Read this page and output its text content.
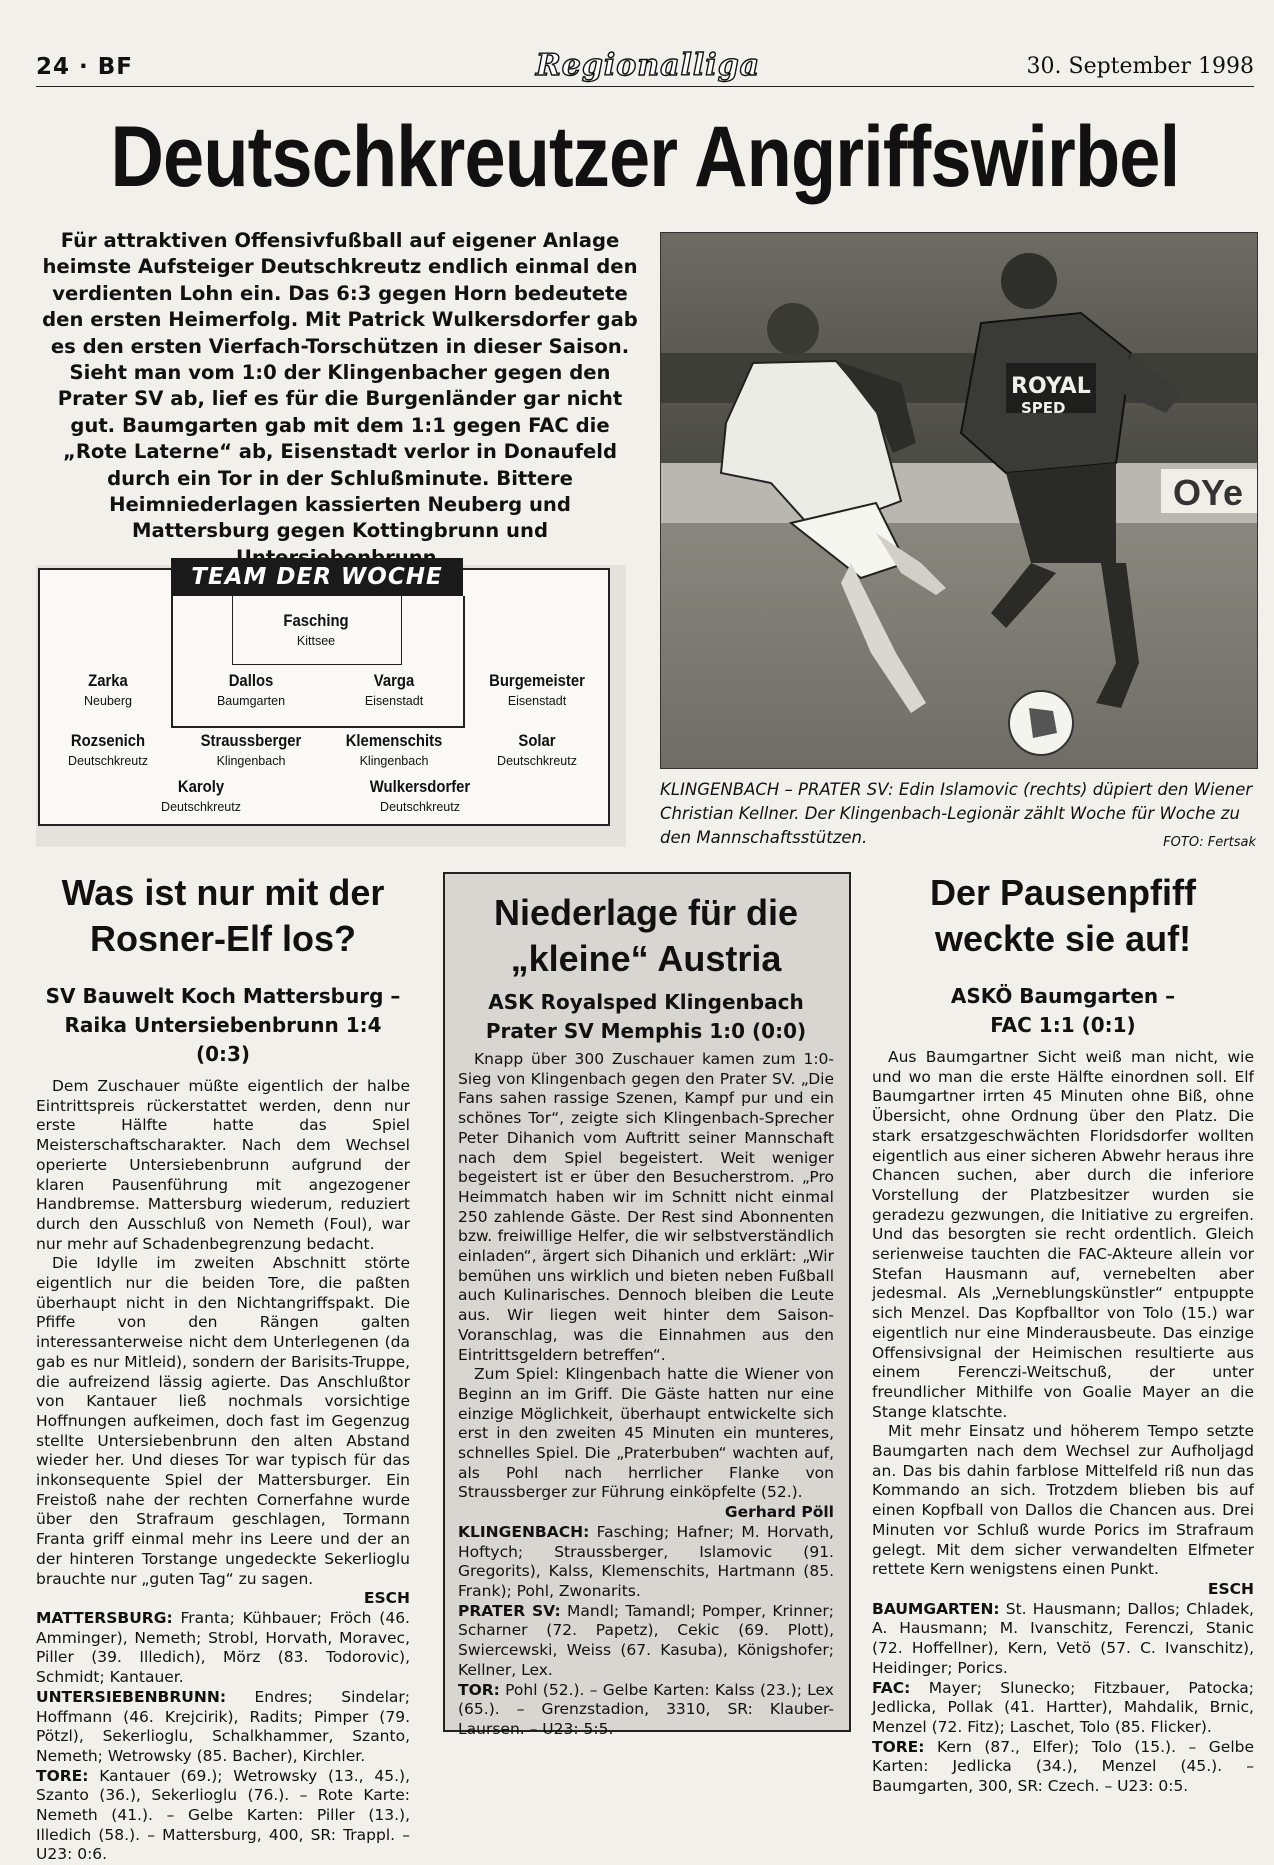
24 · BF	Regionalliga	30. September 1998
Deutschkreutzer Angriffswirbel
Für attraktiven Offensivfußball auf eigener Anlage heimste Aufsteiger Deutschkreutz endlich einmal den verdienten Lohn ein. Das 6:3 gegen Horn bedeutete den ersten Heimerfolg. Mit Patrick Wulkersdorfer gab es den ersten Vierfach-Torschützen in dieser Saison. Sieht man vom 1:0 der Klingenbacher gegen den Prater SV ab, lief es für die Burgenländer gar nicht gut. Baumgarten gab mit dem 1:1 gegen FAC die „Rote Laterne“ ab, Eisenstadt verlor in Donaufeld durch ein Tor in der Schlußminute. Bittere Heimniederlagen kassierten Neuberg und Mattersburg gegen Kottingbrunn und
OYe
ROYAL
SPED
KLINGENBACH – PRATER SV: Edin Islamovic (rechts) düpiert den Wiener Christian Kellner. Der Klingenbach-Legionär zählt Woche für Woche zu den Mannschaftsstützen.	FOTO: Fertsak
TEAM DER WOCHE
Fasching
Kittsee
Zarka
Neuberg
Dallos
Baumgarten
Varga
Eisenstadt
Burgemeister
Eisenstadt
Rozsenich
Deutschkreutz
Straussberger
Klingenbach
Klemenschits
Klingenbach
Solar
Deutschkreutz
Karoly
Deutschkreutz
Wulkersdorfer
Deutschkreutz
Was ist nur mit der Rosner-Elf los?
SV Bauwelt Koch Mattersburg –
Raika Untersiebenbrunn 1:4 (0:3)

Dem Zuschauer müßte eigentlich der halbe Eintrittspreis rückerstattet werden, denn nur erste Hälfte hatte das Spiel Meisterschaftscharakter. Nach dem Wechsel operierte Untersiebenbrunn aufgrund der klaren Pausenführung mit angezogener Handbremse. Mattersburg wiederum, reduziert durch den Ausschluß von Nemeth (Foul), war nur mehr auf Schadenbegrenzung bedacht.

Die Idylle im zweiten Abschnitt störte eigentlich nur die beiden Tore, die paßten überhaupt nicht in den Nichtangriffspakt. Die Pfiffe von den Rängen galten interessanterweise nicht dem Unterlegenen (da gab es nur Mitleid), sondern der Barisits-Truppe, die aufreizend lässig agierte. Das Anschlußtor von Kantauer ließ nochmals vorsichtige Hoffnungen aufkeimen, doch fast im Gegenzug stellte Untersiebenbrunn den alten Abstand wieder her. Und dieses Tor war typisch für das inkonsequente Spiel der Mattersburger. Ein Freistoß nahe der rechten Cornerfahne wurde über den Strafraum geschlagen, Tormann Franta griff einmal mehr ins Leere und der an der hinteren Torstange ungedeckte Sekerlioglu brauchte nur „guten Tag“ zu sagen.

ESCH

MATTERSBURG: Franta; Kühbauer; Fröch (46. Amminger), Nemeth; Strobl, Horvath, Moravec, Piller (39. Illedich), Mörz (83. Todorovic), Schmidt; Kantauer.

UNTERSIEBENBRUNN: Endres; Sindelar; Hoffmann (46. Krejcirik), Radits; Pimper (79. Pötzl), Sekerlioglu, Schalkhammer, Szanto, Nemeth; Wetrowsky (85. Bacher), Kirchler.

TORE: Kantauer (69.); Wetrowsky (13., 45.), Szanto (36.), Sekerlioglu (76.). – Rote Karte: Nemeth (41.). – Gelbe Karten: Piller (13.), Illedich (58.). – Mattersburg, 400, SR: Trappl. – U23: 0:6.

Niederlage für die „kleine“ Austria
ASK Royalsped Klingenbach
Prater SV Memphis 1:0 (0:0)

Knapp über 300 Zuschauer kamen zum 1:0-Sieg von Klingenbach gegen den Prater SV. „Die Fans sahen rassige Szenen, Kampf pur und ein schönes Tor“, zeigte sich Klingenbach-Sprecher Peter Dihanich vom Auftritt seiner Mannschaft nach dem Spiel begeistert. Weit weniger begeistert ist er über den Besucherstrom. „Pro Heimmatch haben wir im Schnitt nicht einmal 250 zahlende Gäste. Der Rest sind Abonnenten bzw. freiwillige Helfer, die wir selbstverständlich einladen“, ärgert sich Dihanich und erklärt: „Wir bemühen uns wirklich und bieten neben Fußball auch Kulinarisches. Dennoch bleiben die Leute aus. Wir liegen weit hinter dem Saison-Voranschlag, was die Einnahmen aus den Eintrittsgeldern betreffen“.

Zum Spiel: Klingenbach hatte die Wiener von Beginn an im Griff. Die Gäste hatten nur eine einzige Möglichkeit, überhaupt entwickelte sich erst in den zweiten 45 Minuten ein munteres, schnelles Spiel. Die „Praterbuben“ wachten auf, als Pohl nach herrlicher Flanke von Straussberger zur Führung einköpfelte (52.).

Gerhard Pöll

KLINGENBACH: Fasching; Hafner; M. Horvath, Hoftych; Straussberger, Islamovic (91. Gregorits), Kalss, Klemenschits, Hartmann (85. Frank); Pohl, Zwonarits.

PRATER SV: Mandl; Tamandl; Pomper, Krinner; Scharner (72. Papetz), Cekic (69. Plott), Swiercewski, Weiss (67. Kasuba), Königshofer; Kellner, Lex.

TOR: Pohl (52.). – Gelbe Karten: Kalss (23.); Lex (65.). – Grenzstadion, 3310, SR: Klauber-Laursen. – U23: 5:5.

Der Pausenpfiff weckte sie auf!
ASKÖ Baumgarten –
FAC 1:1 (0:1)

Aus Baumgartner Sicht weiß man nicht, wie und wo man die erste Hälfte einordnen soll. Elf Baumgartner irrten 45 Minuten ohne Biß, ohne Übersicht, ohne Ordnung über den Platz. Die stark ersatzgeschwächten Floridsdorfer wollten eigentlich aus einer sicheren Abwehr heraus ihre Chancen suchen, aber durch die inferiore Vorstellung der Platzbesitzer wurden sie geradezu gezwungen, die Initiative zu ergreifen. Und das besorgten sie recht ordentlich. Gleich serienweise tauchten die FAC-Akteure allein vor Stefan Hausmann auf, vernebelten aber jedesmal. Als „Verneblungskünstler“ entpuppte sich Menzel. Das Kopfballtor von Tolo (15.) war eigentlich nur eine Minderausbeute. Das einzige Offensivsignal der Heimischen resultierte aus einem Ferenczi-Weitschuß, der unter freundlicher Mithilfe von Goalie Mayer an die Stange klatschte.

Mit mehr Einsatz und höherem Tempo setzte Baumgarten nach dem Wechsel zur Aufholjagd an. Das bis dahin farblose Mittelfeld riß nun das Kommando an sich. Trotzdem blieben bis auf einen Kopfball von Dallos die Chancen aus. Drei Minuten vor Schluß wurde Porics im Strafraum gelegt. Mit dem sicher verwandelten Elfmeter rettete Kern wenigstens einen Punkt.

ESCH

BAUMGARTEN: St. Hausmann; Dallos; Chladek, A. Hausmann; M. Ivanschitz, Ferenczi, Stanic (72. Hoffellner), Kern, Vetö (57. C. Ivanschitz), Heidinger; Porics.

FAC: Mayer; Slunecko; Fitzbauer, Patocka; Jedlicka, Pollak (41. Hartter), Mahdalik, Brnic, Menzel (72. Fitz); Laschet, Tolo (85. Flicker).

TORE: Kern (87., Elfer); Tolo (15.). – Gelbe Karten: Jedlicka (34.), Menzel (45.). – Baumgarten, 300, SR: Czech. – U23: 0:5.
